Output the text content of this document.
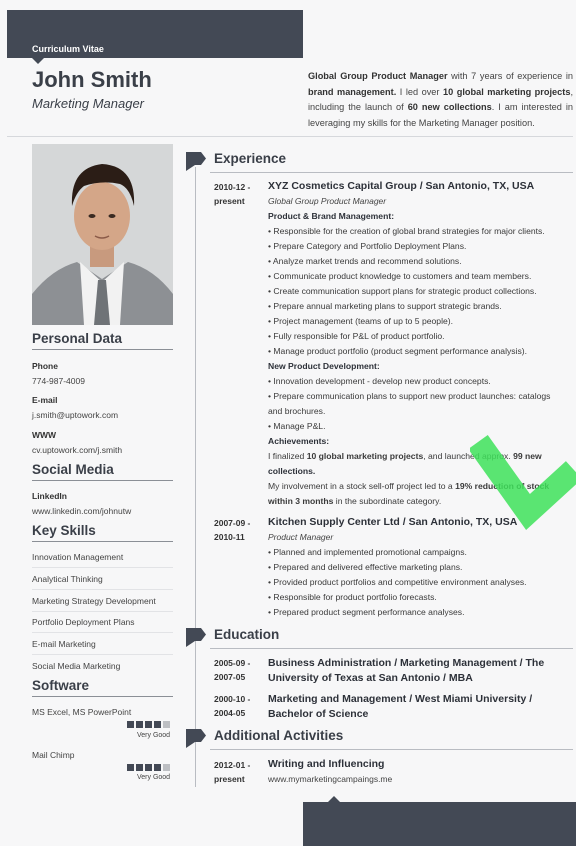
Curriculum Vitae
John Smith
Marketing Manager
Global Group Product Manager with 7 years of experience in brand management. I led over 10 global marketing projects, including the launch of 60 new collections. I am interested in leveraging my skills for the Marketing Manager position.
Personal Data
Phone
774-987-4009
E-mail
j.smith@uptowork.com
WWW
cv.uptowork.com/j.smith
Social Media
LinkedIn
www.linkedin.com/johnutw
Key Skills
Innovation Management
Analytical Thinking
Marketing Strategy Development
Portfolio Deployment Plans
E-mail Marketing
Social Media Marketing
Software
MS Excel, MS PowerPoint
Very Good
Mail Chimp
Very Good
Experience
2010-12 -
present
XYZ Cosmetics Capital Group / San Antonio, TX, USA
Global Group Product Manager
Product & Brand Management:
• Responsible for the creation of global brand strategies for major clients.
• Prepare Category and Portfolio Deployment Plans.
• Analyze market trends and recommend solutions.
• Communicate product knowledge to customers and team members.
• Create communication support plans for strategic product collections.
• Prepare annual marketing plans to support strategic brands.
• Project management (teams of up to 5 people).
• Fully responsible for P&L of product portfolio.
• Manage product portfolio (product segment performance analysis).
New Product Development:
• Innovation development - develop new product concepts.
• Prepare communication plans to support new product launches: catalogs
and brochures.
• Manage P&L.
Achievements:
I finalized 10 global marketing projects, and launched approx. 99 new
collections.
My involvement in a stock sell-off project led to a 19% reduction of stock
within 3 months in the subordinate category.
2007-09 -
2010-11
Kitchen Supply Center Ltd / San Antonio, TX, USA
Product Manager
• Planned and implemented promotional campaigns.
• Prepared and delivered effective marketing plans.
• Provided product portfolios and competitive environment analyses.
• Responsible for product portfolio forecasts.
• Prepared product segment performance analyses.
Education
2005-09 -
2007-05
Business Administration / Marketing Management / The
University of Texas at San Antonio / MBA
2000-10 -
2004-05
Marketing and Management / West Miami University /
Bachelor of Science
Additional Activities
2012-01 -
present
Writing and Influencing
www.mymarketingcampaings.me
